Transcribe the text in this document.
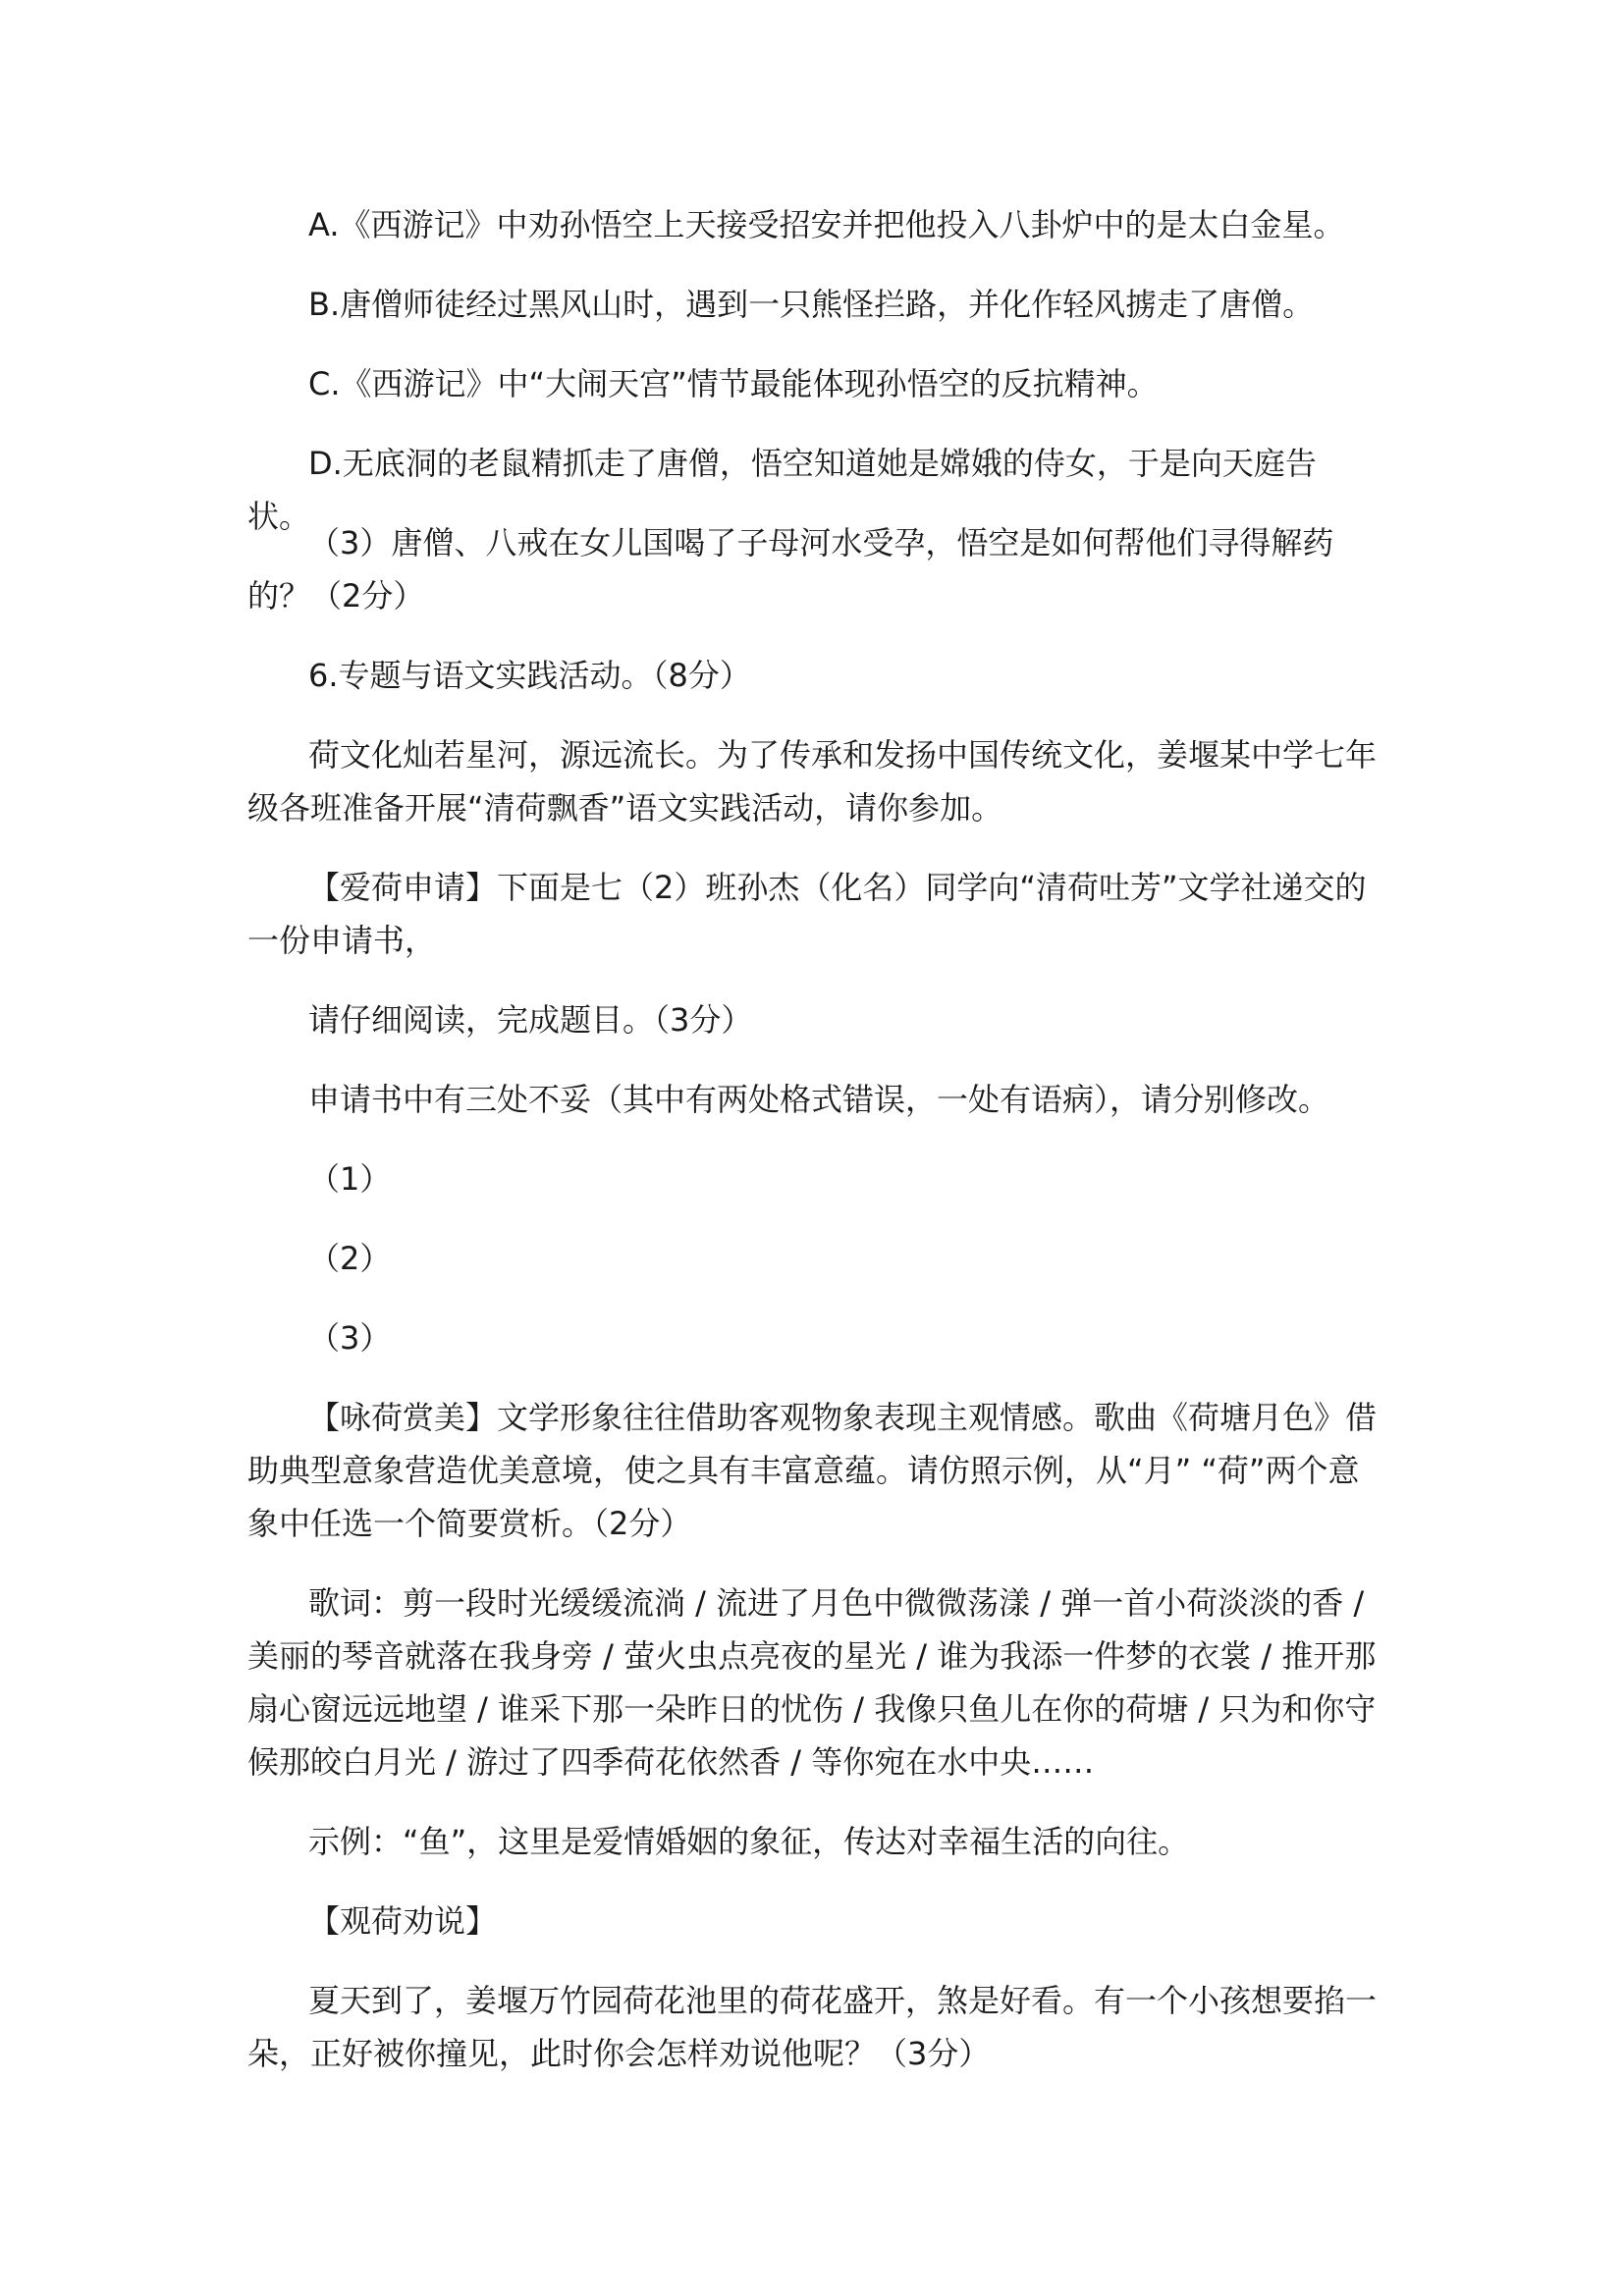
A.《西游记》中劝孙悟空上天接受招安并把他投入八卦炉中的是太白金星。

B.唐僧师徒经过黑风山时，遇到一只熊怪拦路，并化作轻风掳走了唐僧。

C.《西游记》中“大闹天宫”情节最能体现孙悟空的反抗精神。

D.无底洞的老鼠精抓走了唐僧，悟空知道她是嫦娥的侍女，于是向天庭告状。

（3）唐僧、八戒在女儿国喝了子母河水受孕，悟空是如何帮他们寻得解药的？（2分）

6.专题与语文实践活动。（8分）

荷文化灿若星河，源远流长。为了传承和发扬中国传统文化，姜堰某中学七年级各班准备开展“清荷飘香”语文实践活动，请你参加。

【爱荷申请】下面是七（2）班孙杰（化名）同学向“清荷吐芳”文学社递交的一份申请书，

请仔细阅读，完成题目。（3分）

申请书中有三处不妥（其中有两处格式错误，一处有语病），请分别修改。

（1）

（2）

（3）

【咏荷赏美】文学形象往往借助客观物象表现主观情感。歌曲《荷塘月色》借助典型意象营造优美意境，使之具有丰富意蕴。请仿照示例，从“月” “荷”两个意象中任选一个简要赏析。（2分）

歌词：剪一段时光缓缓流淌 / 流进了月色中微微荡漾 / 弹一首小荷淡淡的香 / 美丽的琴音就落在我身旁 / 萤火虫点亮夜的星光 / 谁为我添一件梦的衣裳 / 推开那扇心窗远远地望 / 谁采下那一朵昨日的忧伤 / 我像只鱼儿在你的荷塘 / 只为和你守候那皎白月光 / 游过了四季荷花依然香 / 等你宛在水中央……

示例：“鱼”，这里是爱情婚姻的象征，传达对幸福生活的向往。

【观荷劝说】

夏天到了，姜堰万竹园荷花池里的荷花盛开，煞是好看。有一个小孩想要掐一朵，正好被你撞见，此时你会怎样劝说他呢？（3分）
